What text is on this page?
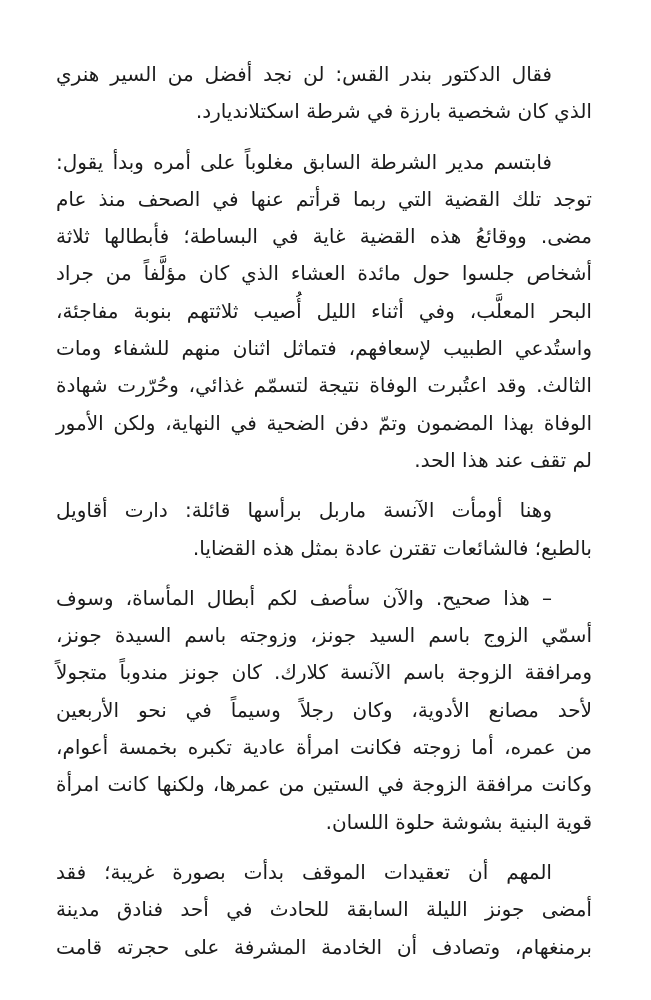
فقال الدكتور بندر القس: لن نجد أفضل من السير هنري
الذي كان شخصية بارزة في شرطة اسكتلانديارد.
فابتسم مدير الشرطة السابق مغلوباً على أمره وبدأ يقول:
توجد تلك القضية التي ربما قرأتم عنها في الصحف منذ عام
مضى. ووقائعُ هذه القضية غاية في البساطة؛ فأبطالها ثلاثة
أشخاص جلسوا حول مائدة العشاء الذي كان مؤلَّفاً من جراد
البحر المعلَّب، وفي أثناء الليل أُصيب ثلاثتهم بنوبة مفاجئة،
واستُدعي الطبيب لإسعافهم، فتماثل اثنان منهم للشفاء ومات
الثالث. وقد اعتُبرت الوفاة نتيجة لتسمّم غذائي، وحُرّرت شهادة
الوفاة بهذا المضمون وتمّ دفن الضحية في النهاية، ولكن الأمور
لم تقف عند هذا الحد.
وهنا أومأت الآنسة ماربل برأسها قائلة: دارت أقاويل
بالطبع؛ فالشائعات تقترن عادة بمثل هذه القضايا.
– هذا صحيح. والآن سأصف لكم أبطال المأساة، وسوف
أسمّي الزوج باسم السيد جونز، وزوجته باسم السيدة جونز،
ومرافقة الزوجة باسم الآنسة كلارك. كان جونز مندوباً متجولاً
لأحد مصانع الأدوية، وكان رجلاً وسيماً في نحو الأربعين
من عمره، أما زوجته فكانت امرأة عادية تكبره بخمسة أعوام،
وكانت مرافقة الزوجة في الستين من عمرها، ولكنها كانت امرأة
قوية البنية بشوشة حلوة اللسان.
المهم أن تعقيدات الموقف بدأت بصورة غريبة؛ فقد
أمضى جونز الليلة السابقة للحادث في أحد فنادق مدينة
برمنغهام، وتصادف أن الخادمة المشرفة على حجرته قامت
